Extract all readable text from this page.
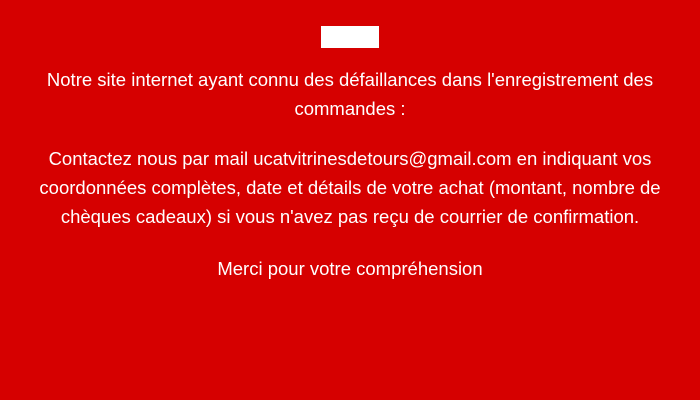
Notre site internet ayant connu des défaillances dans l'enregistrement des commandes :

Contactez nous par mail ucatvitrinesdetours@gmail.com en indiquant vos coordonnées complètes, date et détails de votre achat (montant, nombre de chèques cadeaux) si vous n'avez pas reçu de courrier de confirmation.

Merci pour votre compréhension
